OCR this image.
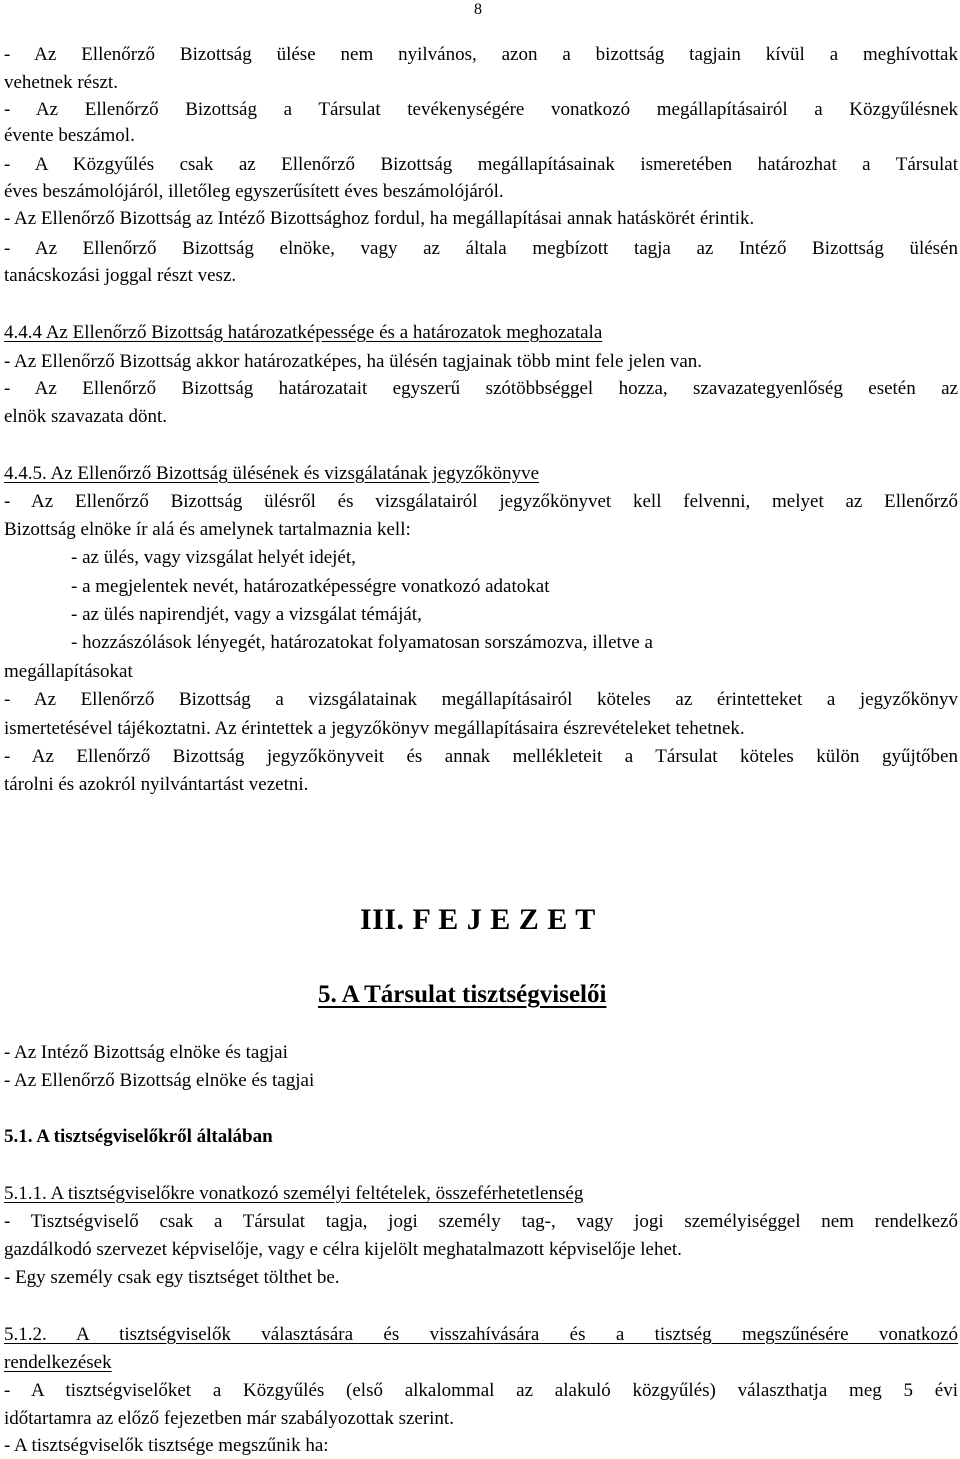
8
- Az Ellenőrző Bizottság ülése nem nyilvános, azon a bizottság tagjain kívül a meghívottak
vehetnek részt.
- Az Ellenőrző Bizottság a Társulat tevékenységére vonatkozó megállapításairól a Közgyűlésnek
évente beszámol.
- A Közgyűlés csak az Ellenőrző Bizottság megállapításainak ismeretében határozhat a Társulat
éves beszámolójáról, illetőleg egyszerűsített éves beszámolójáról.
- Az Ellenőrző Bizottság az Intéző Bizottsághoz fordul, ha megállapításai annak hatáskörét érintik.
- Az Ellenőrző Bizottság elnöke, vagy az általa megbízott tagja az Intéző Bizottság ülésén
tanácskozási joggal részt vesz.
4.4.4 Az Ellenőrző Bizottság határozatképessége és a határozatok meghozatala
- Az Ellenőrző Bizottság akkor határozatképes, ha ülésén tagjainak több mint fele jelen van.
- Az Ellenőrző Bizottság határozatait egyszerű szótöbbséggel hozza, szavazategyenlőség esetén az
elnök szavazata dönt.
4.4.5. Az Ellenőrző Bizottság ülésének és vizsgálatának jegyzőkönyve
- Az Ellenőrző Bizottság ülésről és vizsgálatairól jegyzőkönyvet kell felvenni, melyet az Ellenőrző
Bizottság elnöke ír alá és amelynek tartalmaznia kell:
- az ülés, vagy vizsgálat helyét idejét,
- a megjelentek nevét, határozatképességre vonatkozó adatokat
- az ülés napirendjét, vagy a vizsgálat témáját,
- hozzászólások lényegét, határozatokat folyamatosan sorszámozva, illetve a
megállapításokat
- Az Ellenőrző Bizottság a vizsgálatainak megállapításairól köteles az érintetteket a jegyzőkönyv
ismertetésével tájékoztatni. Az érintettek a jegyzőkönyv megállapításaira észrevételeket tehetnek.
- Az Ellenőrző Bizottság jegyzőkönyveit és annak mellékleteit a Társulat köteles külön gyűjtőben
tárolni és azokról nyilvántartást vezetni.
III. F E J E Z E T
5. A Társulat tisztségviselői
- Az Intéző Bizottság elnöke és tagjai
- Az Ellenőrző Bizottság elnöke és tagjai
5.1. A tisztségviselőkről általában
5.1.1. A tisztségviselőkre vonatkozó személyi feltételek, összeférhetetlenség
- Tisztségviselő csak a Társulat tagja, jogi személy tag-, vagy jogi személyiséggel nem rendelkező
gazdálkodó szervezet képviselője, vagy e célra kijelölt meghatalmazott képviselője lehet.
- Egy személy csak egy tisztséget tölthet be.
5.1.2. A tisztségviselők választására és visszahívására és a tisztség megszűnésére vonatkozó
rendelkezések
- A tisztségviselőket a Közgyűlés (első alkalommal az alakuló közgyűlés) választhatja meg 5 évi
időtartamra az előző fejezetben már szabályozottak szerint.
- A tisztségviselők tisztsége megszűnik ha:
